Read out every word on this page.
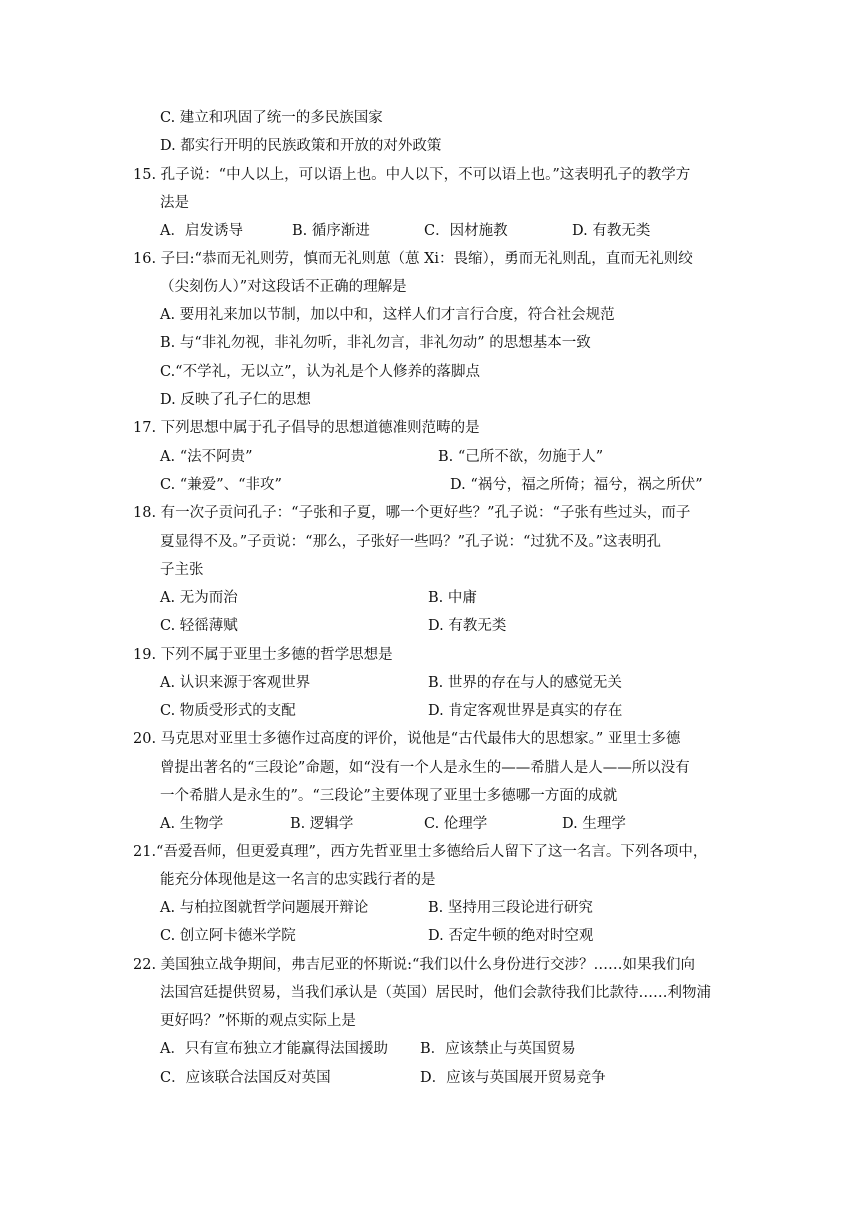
C. 建立和巩固了统一的多民族国家
D. 都实行开明的民族政策和开放的对外政策
15. 孔子说：“中人以上，可以语上也。中人以下，不可以语上也。”这表明孔子的教学方
法是
A．启发诱导	B. 循序渐进	C．因材施教	D. 有教无类
16. 子曰:“恭而无礼则劳，慎而无礼则葸（葸 Xi：畏缩），勇而无礼则乱，直而无礼则绞
（尖刻伤人）”对这段话不正确的理解是
A. 要用礼来加以节制，加以中和，这样人们才言行合度，符合社会规范
B. 与“非礼勿视，非礼勿听，非礼勿言，非礼勿动” 的思想基本一致
C.“不学礼，无以立”，认为礼是个人修养的落脚点
D. 反映了孔子仁的思想
17. 下列思想中属于孔子倡导的思想道德准则范畴的是
A. “法不阿贵”	B. “己所不欲，勿施于人”
C. “兼爱”、“非攻”	D. “祸兮，福之所倚；福兮，祸之所伏”
18. 有一次子贡问孔子：“子张和子夏，哪一个更好些？”孔子说：“子张有些过头，而子
夏显得不及。”子贡说：“那么，子张好一些吗？”孔子说：“过犹不及。”这表明孔
子主张
A. 无为而治	B. 中庸
C. 轻徭薄赋	D. 有教无类
19. 下列不属于亚里士多德的哲学思想是
A. 认识来源于客观世界	B. 世界的存在与人的感觉无关
C. 物质受形式的支配	D. 肯定客观世界是真实的存在
20. 马克思对亚里士多德作过高度的评价，说他是“古代最伟大的思想家。” 亚里士多德
曾提出著名的“三段论”命题，如“没有一个人是永生的——希腊人是人——所以没有
一个希腊人是永生的”。“三段论”主要体现了亚里士多德哪一方面的成就
A. 生物学	B. 逻辑学	C. 伦理学	D. 生理学
21.“吾爱吾师，但更爱真理”，西方先哲亚里士多德给后人留下了这一名言。下列各项中，
能充分体现他是这一名言的忠实践行者的是
A. 与柏拉图就哲学问题展开辩论	B. 坚持用三段论进行研究
C. 创立阿卡德米学院	D. 否定牛顿的绝对时空观
22. 美国独立战争期间，弗吉尼亚的怀斯说:“我们以什么身份进行交涉？……如果我们向
法国宫廷提供贸易，当我们承认是（英国）居民时，他们会款待我们比款待……利物浦
更好吗？”怀斯的观点实际上是
A．只有宣布独立才能赢得法国援助 B．应该禁止与英国贸易
C．应该联合法国反对英国	D．应该与英国展开贸易竞争
